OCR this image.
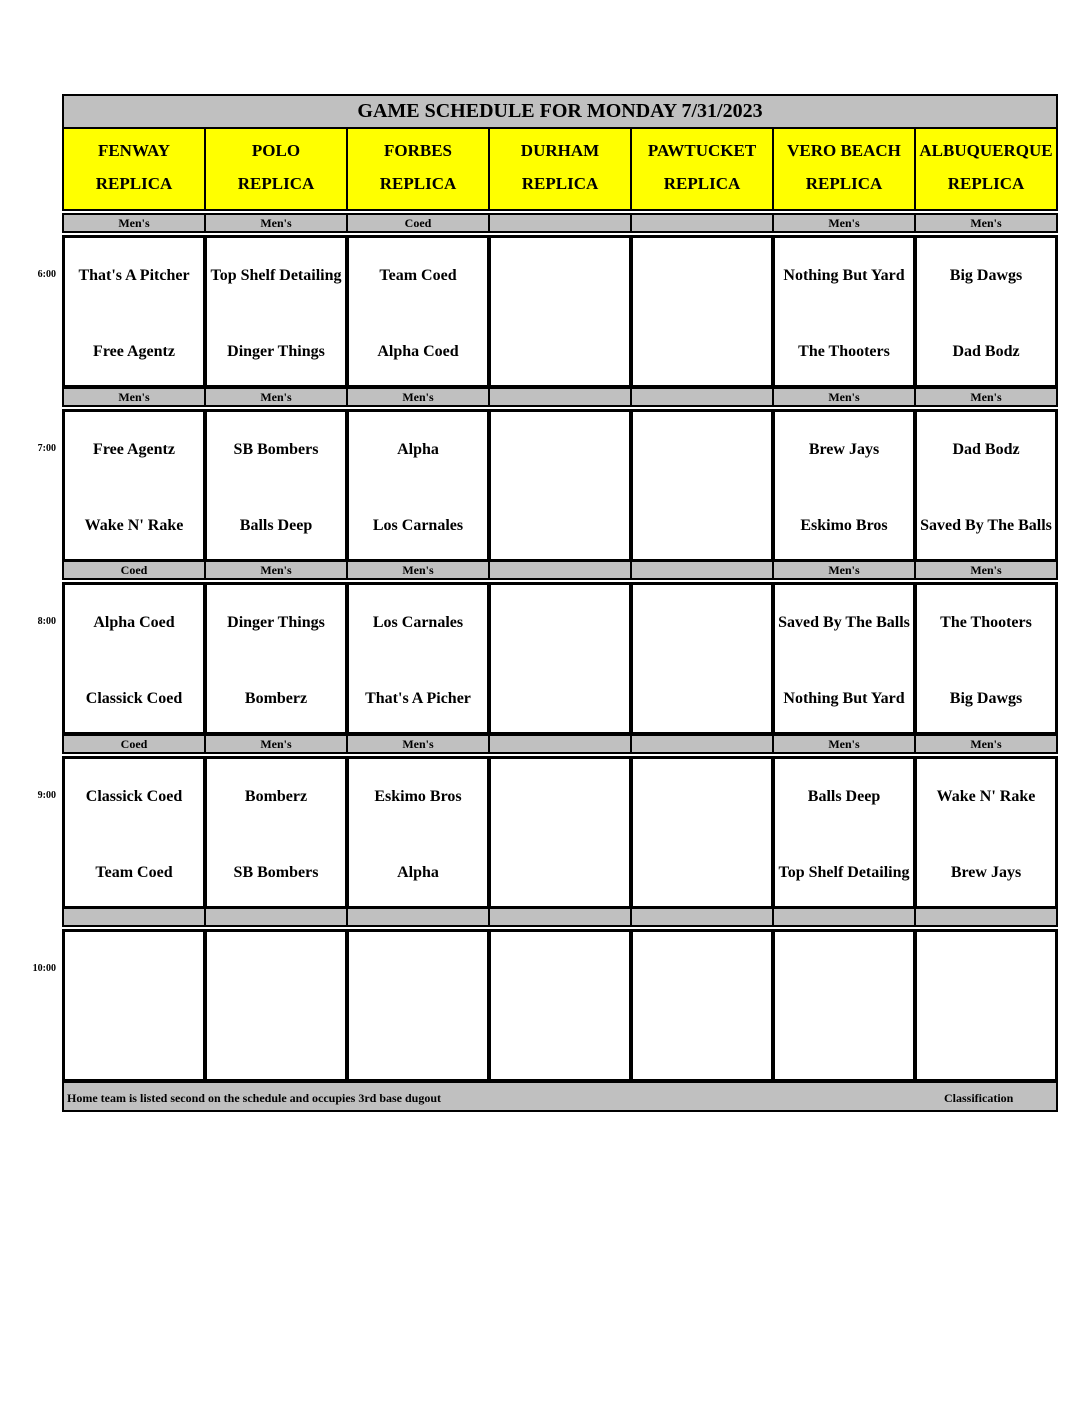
GAME SCHEDULE FOR MONDAY 7/31/2023
FENWAY
REPLICA
POLO
REPLICA
FORBES
REPLICA
DURHAM
REPLICA
PAWTUCKET
REPLICA
VERO BEACH
REPLICA
ALBUQUERQUE
REPLICA
6:00
Men's
That's A Pitcher
Free Agentz
Men's
Top Shelf Detailing
Dinger Things
Coed
Team Coed
Alpha Coed
Men's
Nothing But Yard
The Thooters
Men's
Big Dawgs
Dad Bodz
7:00
Men's
Free Agentz
Wake N' Rake
Men's
SB Bombers
Balls Deep
Men's
Alpha
Los Carnales
Men's
Brew Jays
Eskimo Bros
Men's
Dad Bodz
Saved By The Balls
8:00
Coed
Alpha Coed
Classick Coed
Men's
Dinger Things
Bomberz
Men's
Los Carnales
That's A Picher
Men's
Saved By The Balls
Nothing But Yard
Men's
The Thooters
Big Dawgs
9:00
Coed
Classick Coed
Team Coed
Men's
Bomberz
SB Bombers
Men's
Eskimo Bros
Alpha
Men's
Balls Deep
Top Shelf Detailing
Men's
Wake N' Rake
Brew Jays
10:00
Home team is listed second on the schedule and occupies 3rd base dugout	Classification
